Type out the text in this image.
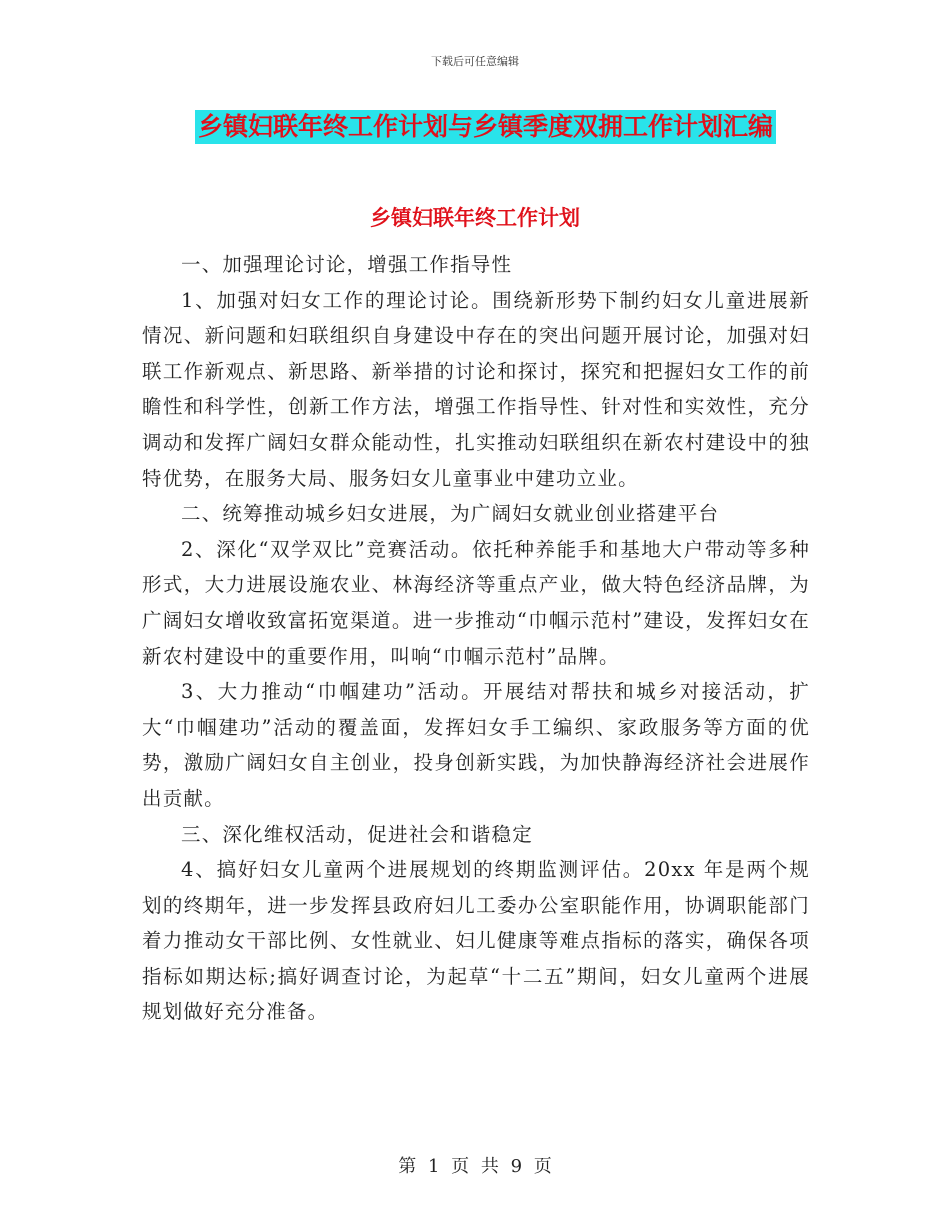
下载后可任意编辑
乡镇妇联年终工作计划与乡镇季度双拥工作计划汇编
乡镇妇联年终工作计划

一、加强理论讨论，增强工作指导性

1、加强对妇女工作的理论讨论。围绕新形势下制约妇女儿童进展新情况、新问题和妇联组织自身建设中存在的突出问题开展讨论，加强对妇联工作新观点、新思路、新举措的讨论和探讨，探究和把握妇女工作的前瞻性和科学性，创新工作方法，增强工作指导性、针对性和实效性，充分调动和发挥广阔妇女群众能动性，扎实推动妇联组织在新农村建设中的独特优势，在服务大局、服务妇女儿童事业中建功立业。

二、统筹推动城乡妇女进展，为广阔妇女就业创业搭建平台

2、深化“双学双比”竞赛活动。依托种养能手和基地大户带动等多种形式，大力进展设施农业、林海经济等重点产业，做大特色经济品牌，为广阔妇女增收致富拓宽渠道。进一步推动“巾帼示范村”建设，发挥妇女在新农村建设中的重要作用，叫响“巾帼示范村”品牌。

3、大力推动“巾帼建功”活动。开展结对帮扶和城乡对接活动，扩大“巾帼建功”活动的覆盖面，发挥妇女手工编织、家政服务等方面的优势，激励广阔妇女自主创业，投身创新实践，为加快静海经济社会进展作出贡献。

三、深化维权活动，促进社会和谐稳定

4、搞好妇女儿童两个进展规划的终期监测评估。20xx 年是两个规划的终期年，进一步发挥县政府妇儿工委办公室职能作用，协调职能部门着力推动女干部比例、女性就业、妇儿健康等难点指标的落实，确保各项指标如期达标;搞好调查讨论，为起草“十二五”期间，妇女儿童两个进展规划做好充分准备。

第 1 页 共 9 页
